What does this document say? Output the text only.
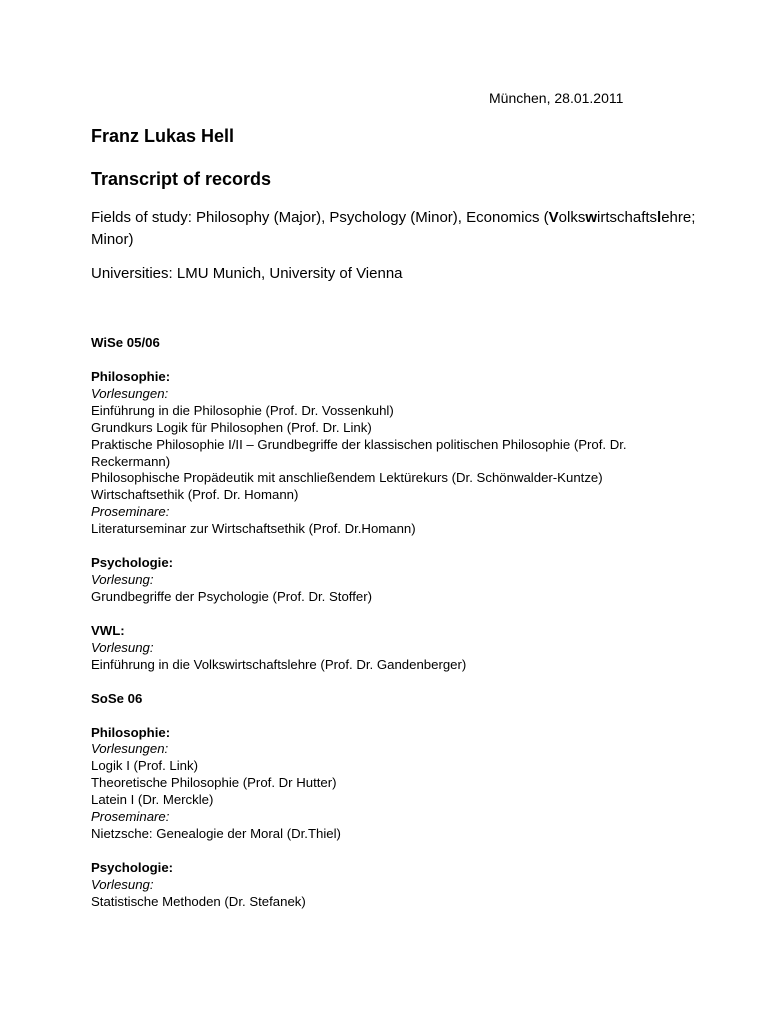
München, 28.01.2011
Franz Lukas Hell
Transcript of records
Fields of study: Philosophy (Major), Psychology (Minor), Economics (Volkswirtschaftslehre; Minor)
Universities: LMU Munich, University of Vienna
WiSe 05/06
Philosophie:
Vorlesungen:
Einführung in die Philosophie (Prof. Dr. Vossenkuhl)
Grundkurs Logik für Philosophen (Prof. Dr. Link)
Praktische Philosophie I/II – Grundbegriffe der klassischen politischen Philosophie (Prof. Dr. Reckermann)
Philosophische Propädeutik mit anschließendem Lektürekurs (Dr. Schönwalder-Kuntze)
Wirtschaftsethik (Prof. Dr. Homann)
Proseminare:
Literaturseminar zur Wirtschaftsethik (Prof. Dr.Homann)
Psychologie:
Vorlesung:
Grundbegriffe der Psychologie (Prof. Dr. Stoffer)
VWL:
Vorlesung:
Einführung in die Volkswirtschaftslehre (Prof. Dr. Gandenberger)
SoSe 06
Philosophie:
Vorlesungen:
Logik I (Prof. Link)
Theoretische Philosophie (Prof. Dr Hutter)
Latein I (Dr. Merckle)
Proseminare:
Nietzsche: Genealogie der Moral (Dr.Thiel)
Psychologie:
Vorlesung:
Statistische Methoden (Dr. Stefanek)
